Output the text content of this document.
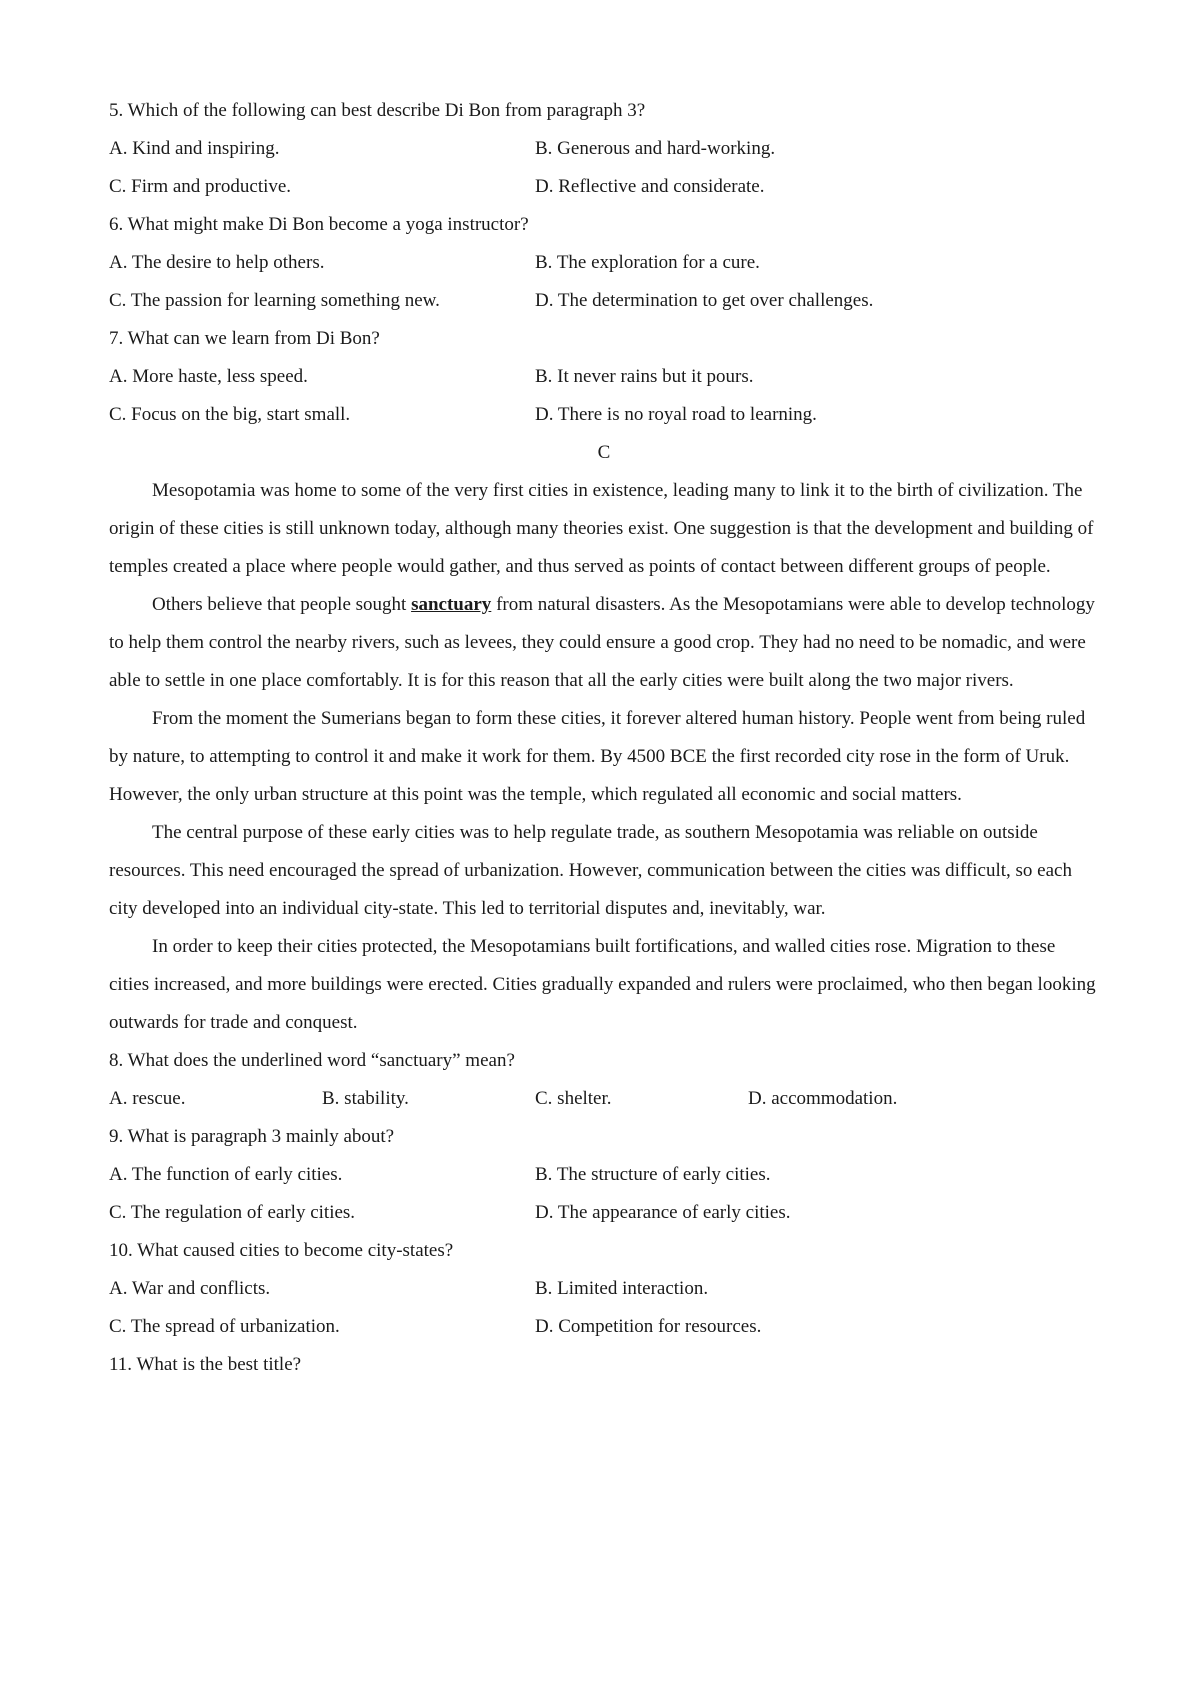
5. Which of the following can best describe Di Bon from paragraph 3?
A. Kind and inspiring.	B. Generous and hard-working.
C. Firm and productive.	D. Reflective and considerate.
6. What might make Di Bon become a yoga instructor?
A. The desire to help others.	B. The exploration for a cure.
C. The passion for learning something new.	D. The determination to get over challenges.
7. What can we learn from Di Bon?
A. More haste, less speed.	B. It never rains but it pours.
C. Focus on the big, start small.	D. There is no royal road to learning.
C

Mesopotamia was home to some of the very first cities in existence, leading many to link it to the birth of civilization. The origin of these cities is still unknown today, although many theories exist. One suggestion is that the development and building of temples created a place where people would gather, and thus served as points of contact between different groups of people.

Others believe that people sought sanctuary from natural disasters. As the Mesopotamians were able to develop technology to help them control the nearby rivers, such as levees, they could ensure a good crop. They had no need to be nomadic, and were able to settle in one place comfortably. It is for this reason that all the early cities were built along the two major rivers.

From the moment the Sumerians began to form these cities, it forever altered human history. People went from being ruled by nature, to attempting to control it and make it work for them. By 4500 BCE the first recorded city rose in the form of Uruk. However, the only urban structure at this point was the temple, which regulated all economic and social matters.

The central purpose of these early cities was to help regulate trade, as southern Mesopotamia was reliable on outside resources. This need encouraged the spread of urbanization. However, communication between the cities was difficult, so each city developed into an individual city-state. This led to territorial disputes and, inevitably, war.

In order to keep their cities protected, the Mesopotamians built fortifications, and walled cities rose. Migration to these cities increased, and more buildings were erected. Cities gradually expanded and rulers were proclaimed, who then began looking outwards for trade and conquest.

8. What does the underlined word “sanctuary” mean?
A. rescue.	B. stability.	C. shelter.	D. accommodation.
9. What is paragraph 3 mainly about?
A. The function of early cities.	B. The structure of early cities.
C. The regulation of early cities.	D. The appearance of early cities.
10. What caused cities to become city-states?
A. War and conflicts.	B. Limited interaction.
C. The spread of urbanization.	D. Competition for resources.
11. What is the best title?
